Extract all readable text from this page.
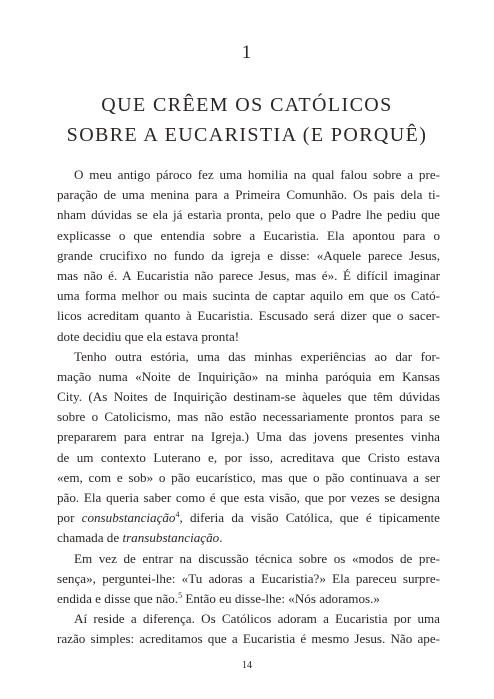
1
QUE CRÊEM OS CATÓLICOS
SOBRE A EUCARISTIA (E PORQUÊ)
O meu antigo pároco fez uma homilia na qual falou sobre a pre-
paração de uma menina para a Primeira Comunhão. Os pais dela ti-
nham dúvidas se ela já estaria pronta, pelo que o Padre lhe pediu que
explicasse o que entendia sobre a Eucaristia. Ela apontou para o
grande crucifixo no fundo da igreja e disse: «Aquele parece Jesus,
mas não é. A Eucaristia não parece Jesus, mas é». É difícil imaginar
uma forma melhor ou mais sucinta de captar aquilo em que os Cató-
licos acreditam quanto à Eucaristia. Escusado será dizer que o sacer-
dote decidiu que ela estava pronta!
Tenho outra estória, uma das minhas experiências ao dar for-
mação numa «Noite de Inquirição» na minha paróquia em Kansas
City. (As Noites de Inquirição destinam-se àqueles que têm dúvidas
sobre o Catolicismo, mas não estão necessariamente prontos para se
prepararem para entrar na Igreja.) Uma das jovens presentes vinha
de um contexto Luterano e, por isso, acreditava que Cristo estava
«em, com e sob» o pão eucarístico, mas que o pão continuava a ser
pão. Ela queria saber como é que esta visão, que por vezes se designa
por consubstanciação$^4$, diferia da visão Católica, que é tipicamente
chamada de transubstanciação.
Em vez de entrar na discussão técnica sobre os «modos de pre-
sença», perguntei-lhe: «Tu adoras a Eucaristia?» Ela pareceu surpre-
endida e disse que não.$^5$ Então eu disse-lhe: «Nós adoramos.»
Aí reside a diferença. Os Católicos adoram a Eucaristia por uma
razão simples: acreditamos que a Eucaristia é mesmo Jesus. Não ape-
14
